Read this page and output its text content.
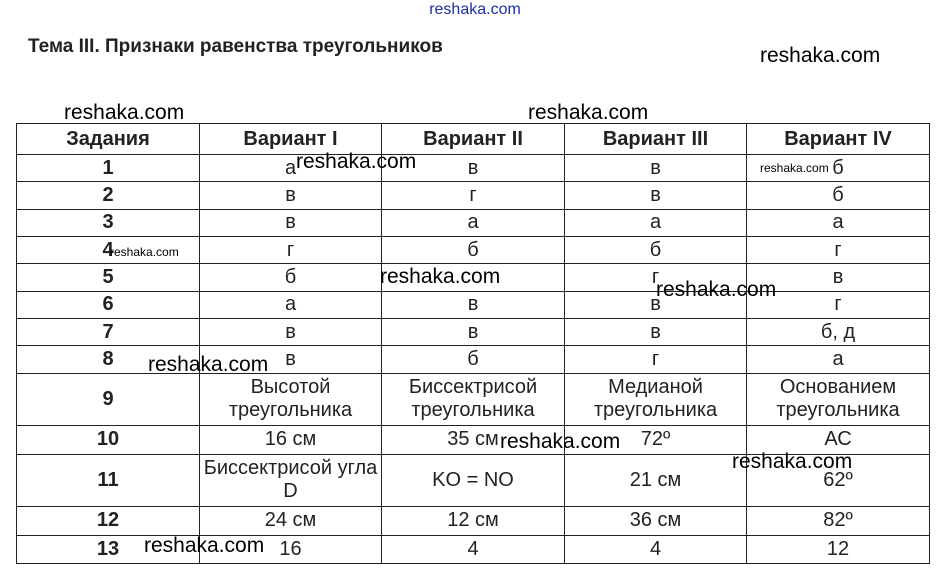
reshaka.com
Тема III. Признаки равенства треугольников
Задания	Вариант I	Вариант II	Вариант III	Вариант IV
1	а	в	в	б
2	в	г	в	б
3	в	а	а	а
4	г	б	б	г
5	б		г	в
6	а	в	в	г
7	в	в	в	б, д
8	в	б	г	а
9	Высотой треугольника	Биссектрисой треугольника	Медианой треугольника	Основанием треугольника
10	16 см	35 см	72º	АС
11	Биссектрисой угла D	KO = NO	21 см	62º
12	24 см	12 см	36 см	82º
13	16	4	4	12
reshaka.com
reshaka.com	reshaka.com
reshaka.com	reshaka.com
reshaka.com
reshaka.com
reshaka.com
reshaka.com
reshaka.com
reshaka.com
reshaka.com
